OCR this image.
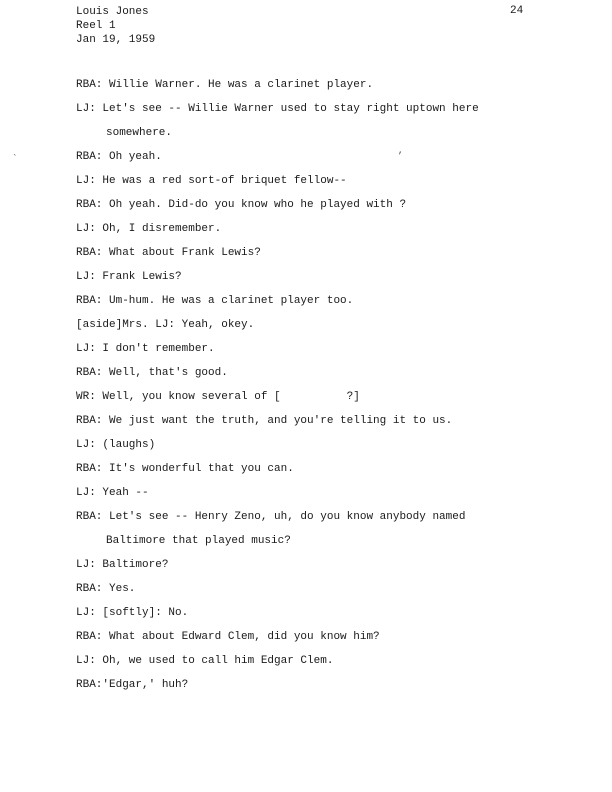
Louis Jones
Reel 1
Jan 19, 1959
24
`
,
RBA: Willie Warner. He was a clarinet player.
LJ: Let's see -- Willie Warner used to stay right uptown here
somewhere.
RBA: Oh yeah.
LJ: He was a red sort-of briquet fellow--
RBA: Oh yeah. Did-do you know who he played with ?
LJ: Oh, I disremember.
RBA: What about Frank Lewis?
LJ: Frank Lewis?
RBA: Um-hum. He was a clarinet player too.
[aside]Mrs. LJ: Yeah, okey.
LJ: I don't remember.
RBA: Well, that's good.
WR: Well, you know several of [          ?]
RBA: We just want the truth, and you're telling it to us.
LJ: (laughs)
RBA: It's wonderful that you can.
LJ: Yeah --
RBA: Let's see -- Henry Zeno, uh, do you know anybody named
Baltimore that played music?
LJ: Baltimore?
RBA: Yes.
LJ: [softly]: No.
RBA: What about Edward Clem, did you know him?
LJ: Oh, we used to call him Edgar Clem.
RBA:'Edgar,' huh?
